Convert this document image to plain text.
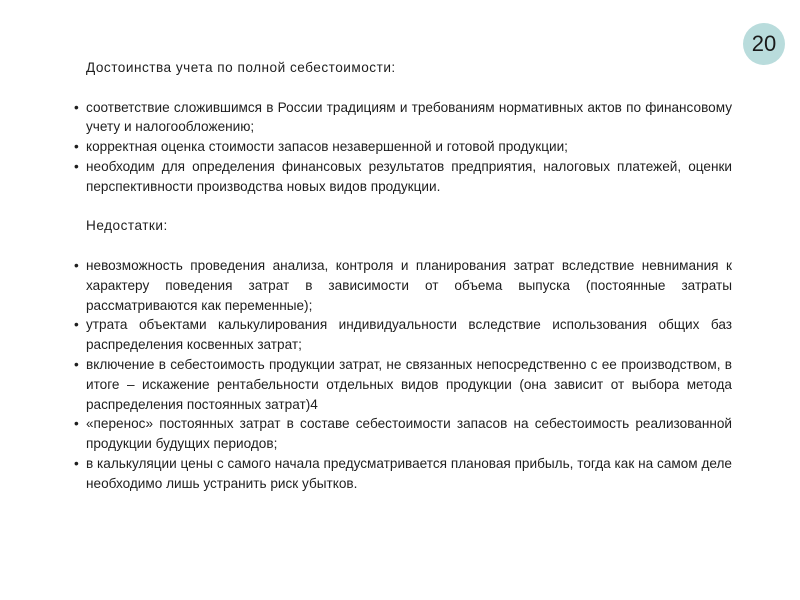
20

Достоинства учета по полной себестоимости:

• соответствие сложившимся в России традициям и требованиям нормативных актов по финансовому учету и налогообложению;
• корректная оценка стоимости запасов незавершенной и готовой продукции;
• необходим для определения финансовых результатов предприятия, налоговых платежей, оценки перспективности производства новых видов продукции.

Недостатки:

• невозможность проведения анализа, контроля и планирования затрат вследствие невнимания к характеру поведения затрат в зависимости от объема выпуска (постоянные затраты рассматриваются как переменные);
• утрата объектами калькулирования индивидуальности вследствие использования общих баз распределения косвенных затрат;
• включение в себестоимость продукции затрат, не связанных непосредственно с ее производством, в итоге – искажение рентабельности отдельных видов продукции (она зависит от выбора метода распределения постоянных затрат)4
• «перенос» постоянных затрат в составе себестоимости запасов на себестоимость реализованной продукции будущих периодов;
• в калькуляции цены с самого начала предусматривается плановая прибыль, тогда как на самом деле необходимо лишь устранить риск убытков.
